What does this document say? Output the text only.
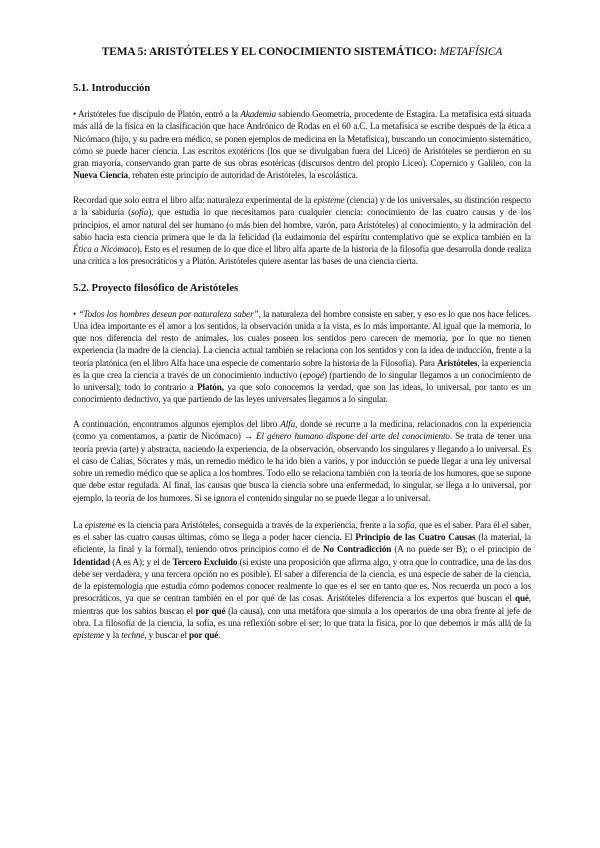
TEMA 5: ARISTÓTELES Y EL CONOCIMIENTO SISTEMÁTICO: METAFÍSICA
5.1. Introducción

• Aristóteles fue discípulo de Platón, entró a la Akademia sabiendo Geometría, procedente de Estagira. La metafísica está situada más allá de la física en la clasificación que hace Andrónico de Rodas en el 60 a.C. La metafísica se escribe después de la ética a Nicómaco (hijo, y su padre era médico, se ponen ejemplos de medicina en la Metafísica), buscando un conocimiento sistemático, cómo se puede hacer ciencia. Las escritos exotéricos (los que se divulgaban fuera del Liceo) de Aristóteles se perdieron en su gran mayoría, conservando gran parte de sus obras esotéricas (discursos dentro del propio Liceo). Copernico y Galileo, con la Nueva Ciencia, rebaten este principio de autoridad de Aristóteles, la escolástica.

Recordad que solo entra el libro alfa: naturaleza experimental de la episteme (ciencia) y de los universales, su distinción respecto a la sabiduría (sofía), que estudia lo que necesitamos para cualquier ciencia: conocimiento de las cuatro causas y de los principios, el amor natural del ser humano (o más bien del hombre, varón, para Aristóteles) al conocimiento, y la admiración del sabio hacia esta ciencia primera que le da la felicidad (la eudaimonía del espíritu contemplativo que se explica también en la Ética a Nicómaco). Esto es el resumen de lo que dice el libro alfa aparte de la historia de la filosofía que desarrolla donde realiza una crítica a los presocráticos y a Platón. Aristóteles quiere asentar las bases de una ciencia cierta.

5.2. Proyecto filosófico de Aristóteles

• “Todos los hombres desean por naturaleza saber”, la naturaleza del hombre consiste en saber, y eso es lo que nos hace felices. Una idea importante es el amor a los sentidos, la observación unida a la vista, es lo más importante. Al igual que la memoria, lo que nos diferencia del resto de animales, los cuales poseen los sentidos pero carecen de memoria, por lo que no tienen experiencia (la madre de la ciencia). La ciencia actual también se relaciona con los sentidos y con la idea de inducción, frente a la teoría platónica (en el libro Alfa hace una especie de comentario sobre la historia de la Filosofía). Para Aristóteles, la experiencia es la que crea la ciencia a través de un conocimiento inductivo (epogé) (partiendo de lo singular llegamos a un conocimiento de lo universal); todo lo contrario a Platón, ya que solo conocemos la verdad, que son las ideas, lo universal, por tanto es un conocimiento deductivo, ya que partiendo de las leyes universales llegamos a lo singular.

A continuación, encontramos algunos ejemplos del libro Alfa, donde se recurre a la medicina, relacionados con la experiencia (como ya comentamos, a partir de Nicómaco) → El género humano dispone del arte del conocimiento. Se trata de tener una teoría previa (arte) y abstracta, naciendo la experiencia, de la observación, observando los singulares y llegando a lo universal. Es el caso de Calias, Sócrates y más, un remedio médico le ha ido bien a varios, y por inducción se puede llegar a una ley universal sobre un remedio médico que se aplica a los hombres. Todo ello se relaciona también con la teoría de los humores, que se supone que debe estar regulada. Al final, las causas que busca la ciencia sobre una enfermedad, lo singular, se llega a lo universal, por ejemplo, la teoría de los humores. Si se ignora el contenido singular no se puede llegar a lo universal.

La episteme es la ciencia para Aristóteles, conseguida a través de la experiencia, frente a la sofía, que es el saber. Para él el saber, es el saber las cuatro causas últimas, cómo se llega a poder hacer ciencia. El Principio de las Cuatro Causas (la material, la eficiente, la final y la formal), teniendo otros principios como el de No Contradicción (A no puede ser B); o el principio de Identidad (A es A); y el de Tercero Excluido (si existe una proposición que afirma algo, y otra que lo contradice, una de las dos debe ser verdadera, y una tercera opción no es posible). El saber a diferencia de la ciencia, es una especie de saber de la ciencia, de la epistemología que estudia cómo podemos conocer realmente lo que es el ser en tanto que es. Nos recuerda un poco a los presocráticos, ya que se centran también en el por qué de las cosas. Aristóteles diferencia a los expertos que buscan el qué, mientras que los sabios buscan el por qué (la causa), con una metáfora que simula a los operarios de una obra frente al jefe de obra. La filosofía de la ciencia, la sofía, es una reflexión sobre el ser; lo que trata la física, por lo que debemos ir más allá de la episteme y la techné, y buscar el por qué.
